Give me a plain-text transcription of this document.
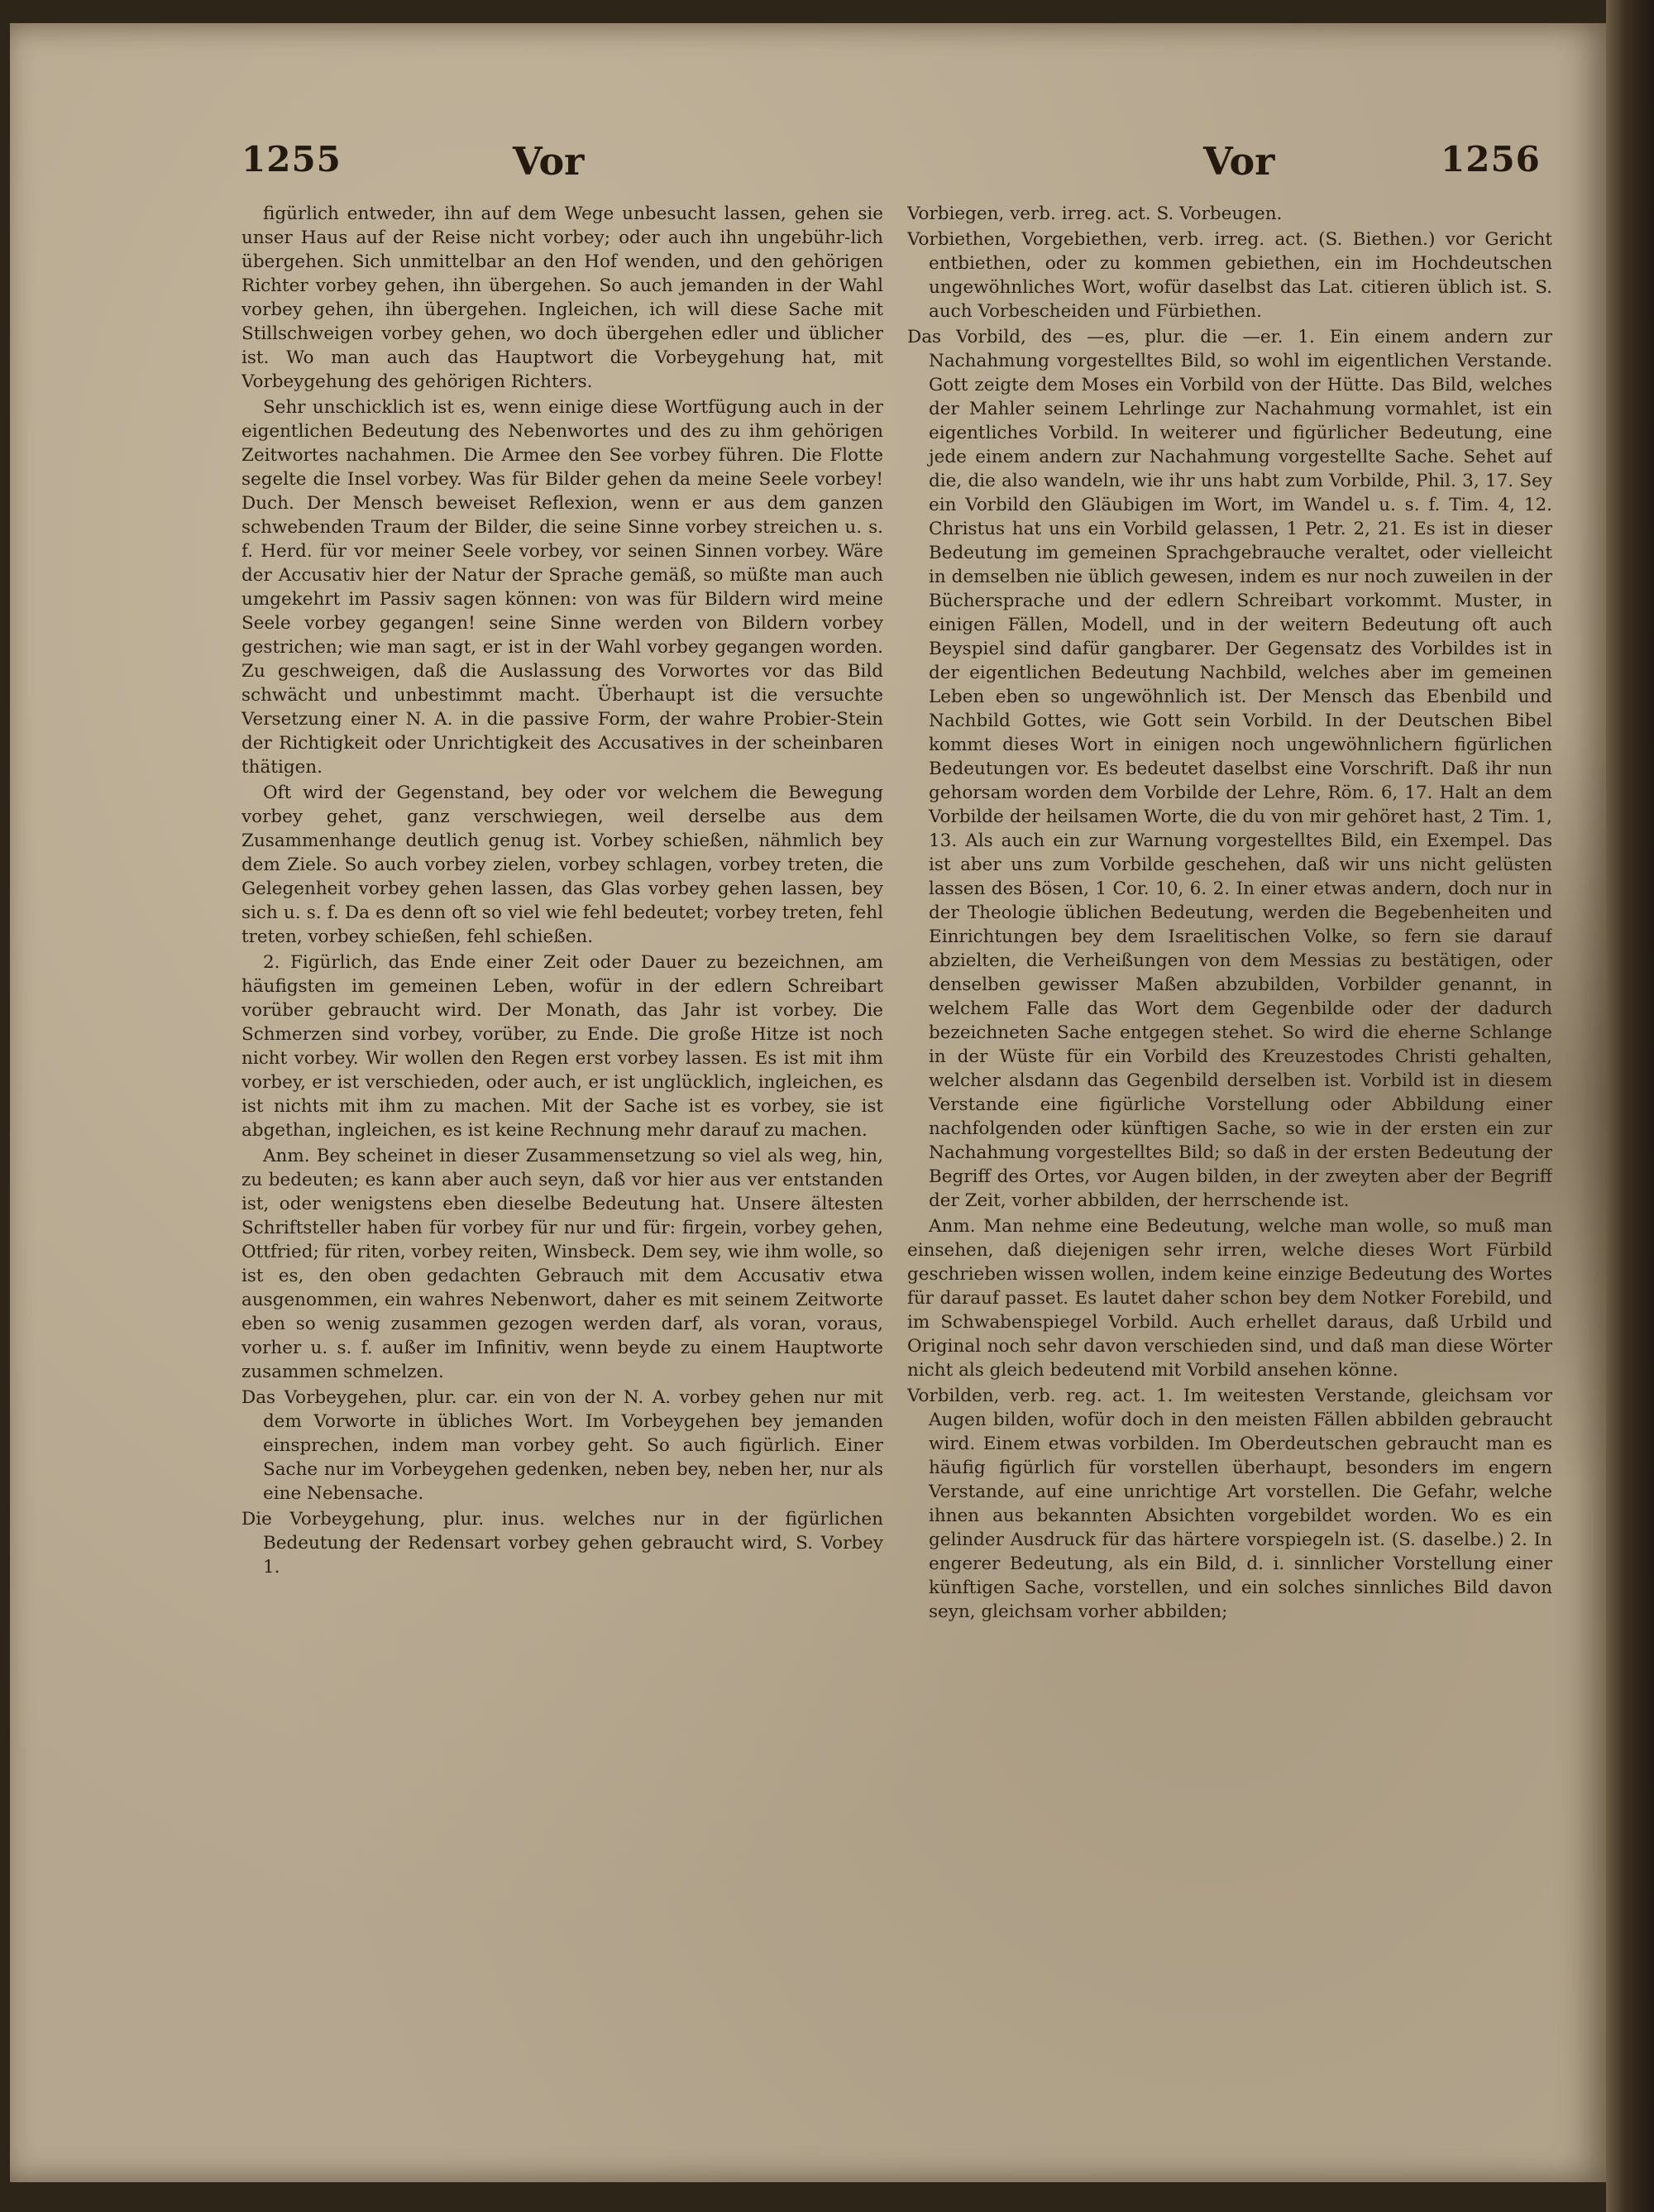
1255	Vor	Vor	1256

figürlich entweder, ihn auf dem Wege unbesucht lassen, gehen sie unser Haus auf der Reise nicht vorbey; oder auch ihn ungebühr-lich übergehen. Sich unmittelbar an den Hof wenden, und den gehörigen Richter vorbey gehen, ihn übergehen. So auch jemanden in der Wahl vorbey gehen, ihn übergehen. Ingleichen, ich will diese Sache mit Stillschweigen vorbey gehen, wo doch übergehen edler und üblicher ist. Wo man auch das Hauptwort die Vorbeygehung hat, mit Vorbeygehung des gehörigen Richters.

Sehr unschicklich ist es, wenn einige diese Wortfügung auch in der eigentlichen Bedeutung des Nebenwortes und des zu ihm gehörigen Zeitwortes nachahmen. Die Armee den See vorbey führen. Die Flotte segelte die Insel vorbey. Was für Bilder gehen da meine Seele vorbey! Duch. Der Mensch beweiset Reflexion, wenn er aus dem ganzen schwebenden Traum der Bilder, die seine Sinne vorbey streichen u. s. f. Herd. für vor meiner Seele vorbey, vor seinen Sinnen vorbey. Wäre der Accusativ hier der Natur der Sprache gemäß, so müßte man auch umgekehrt im Passiv sagen können: von was für Bildern wird meine Seele vorbey gegangen! seine Sinne werden von Bildern vorbey gestrichen; wie man sagt, er ist in der Wahl vorbey gegangen worden. Zu geschweigen, daß die Auslassung des Vorwortes vor das Bild schwächt und unbestimmt macht. Überhaupt ist die versuchte Versetzung einer N. A. in die passive Form, der wahre Probier-Stein der Richtigkeit oder Unrichtigkeit des Accusatives in der scheinbaren thätigen.

Oft wird der Gegenstand, bey oder vor welchem die Bewegung vorbey gehet, ganz verschwiegen, weil derselbe aus dem Zusammenhange deutlich genug ist. Vorbey schießen, nähmlich bey dem Ziele. So auch vorbey zielen, vorbey schlagen, vorbey treten, die Gelegenheit vorbey gehen lassen, das Glas vorbey gehen lassen, bey sich u. s. f. Da es denn oft so viel wie fehl bedeutet; vorbey treten, fehl treten, vorbey schießen, fehl schießen.

2. Figürlich, das Ende einer Zeit oder Dauer zu bezeichnen, am häufigsten im gemeinen Leben, wofür in der edlern Schreibart vorüber gebraucht wird. Der Monath, das Jahr ist vorbey. Die Schmerzen sind vorbey, vorüber, zu Ende. Die große Hitze ist noch nicht vorbey. Wir wollen den Regen erst vorbey lassen. Es ist mit ihm vorbey, er ist verschieden, oder auch, er ist unglücklich, ingleichen, es ist nichts mit ihm zu machen. Mit der Sache ist es vorbey, sie ist abgethan, ingleichen, es ist keine Rechnung mehr darauf zu machen.

Anm. Bey scheinet in dieser Zusammensetzung so viel als weg, hin, zu bedeuten; es kann aber auch seyn, daß vor hier aus ver entstanden ist, oder wenigstens eben dieselbe Bedeutung hat. Unsere ältesten Schriftsteller haben für vorbey für nur und für: firgein, vorbey gehen, Ottfried; für riten, vorbey reiten, Winsbeck. Dem sey, wie ihm wolle, so ist es, den oben gedachten Gebrauch mit dem Accusativ etwa ausgenommen, ein wahres Nebenwort, daher es mit seinem Zeitworte eben so wenig zusammen gezogen werden darf, als voran, voraus, vorher u. s. f. außer im Infinitiv, wenn beyde zu einem Hauptworte zusammen schmelzen.

Das Vorbeygehen, plur. car. ein von der N. A. vorbey gehen nur mit dem Vorworte in übliches Wort. Im Vorbeygehen bey jemanden einsprechen, indem man vorbey geht. So auch figürlich. Einer Sache nur im Vorbeygehen gedenken, neben bey, neben her, nur als eine Nebensache.

Die Vorbeygehung, plur. inus. welches nur in der figürlichen Bedeutung der Redensart vorbey gehen gebraucht wird, S. Vorbey 1.

Vorbiegen, verb. irreg. act. S. Vorbeugen.

Vorbiethen, Vorgebiethen, verb. irreg. act. (S. Biethen.) vor Gericht entbiethen, oder zu kommen gebiethen, ein im Hochdeutschen ungewöhnliches Wort, wofür daselbst das Lat. citieren üblich ist. S. auch Vorbescheiden und Fürbiethen.

Das Vorbild, des —es, plur. die —er. 1. Ein einem andern zur Nachahmung vorgestelltes Bild, so wohl im eigentlichen Verstande. Gott zeigte dem Moses ein Vorbild von der Hütte. Das Bild, welches der Mahler seinem Lehrlinge zur Nachahmung vormahlet, ist ein eigentliches Vorbild. In weiterer und figürlicher Bedeutung, eine jede einem andern zur Nachahmung vorgestellte Sache. Sehet auf die, die also wandeln, wie ihr uns habt zum Vorbilde, Phil. 3, 17. Sey ein Vorbild den Gläubigen im Wort, im Wandel u. s. f. Tim. 4, 12. Christus hat uns ein Vorbild gelassen, 1 Petr. 2, 21. Es ist in dieser Bedeutung im gemeinen Sprachgebrauche veraltet, oder vielleicht in demselben nie üblich gewesen, indem es nur noch zuweilen in der Büchersprache und der edlern Schreibart vorkommt. Muster, in einigen Fällen, Modell, und in der weitern Bedeutung oft auch Beyspiel sind dafür gangbarer. Der Gegensatz des Vorbildes ist in der eigentlichen Bedeutung Nachbild, welches aber im gemeinen Leben eben so ungewöhnlich ist. Der Mensch das Ebenbild und Nachbild Gottes, wie Gott sein Vorbild. In der Deutschen Bibel kommt dieses Wort in einigen noch ungewöhnlichern figürlichen Bedeutungen vor. Es bedeutet daselbst eine Vorschrift. Daß ihr nun gehorsam worden dem Vorbilde der Lehre, Röm. 6, 17. Halt an dem Vorbilde der heilsamen Worte, die du von mir gehöret hast, 2 Tim. 1, 13. Als auch ein zur Warnung vorgestelltes Bild, ein Exempel. Das ist aber uns zum Vorbilde geschehen, daß wir uns nicht gelüsten lassen des Bösen, 1 Cor. 10, 6. 2. In einer etwas andern, doch nur in der Theologie üblichen Bedeutung, werden die Begebenheiten und Einrichtungen bey dem Israelitischen Volke, so fern sie darauf abzielten, die Verheißungen von dem Messias zu bestätigen, oder denselben gewisser Maßen abzubilden, Vorbilder genannt, in welchem Falle das Wort dem Gegenbilde oder der dadurch bezeichneten Sache entgegen stehet. So wird die eherne Schlange in der Wüste für ein Vorbild des Kreuzestodes Christi gehalten, welcher alsdann das Gegenbild derselben ist. Vorbild ist in diesem Verstande eine figürliche Vorstellung oder Abbildung einer nachfolgenden oder künftigen Sache, so wie in der ersten ein zur Nachahmung vorgestelltes Bild; so daß in der ersten Bedeutung der Begriff des Ortes, vor Augen bilden, in der zweyten aber der Begriff der Zeit, vorher abbilden, der herrschende ist.

Anm. Man nehme eine Bedeutung, welche man wolle, so muß man einsehen, daß diejenigen sehr irren, welche dieses Wort Fürbild geschrieben wissen wollen, indem keine einzige Bedeutung des Wortes für darauf passet. Es lautet daher schon bey dem Notker Forebild, und im Schwabenspiegel Vorbild. Auch erhellet daraus, daß Urbild und Original noch sehr davon verschieden sind, und daß man diese Wörter nicht als gleich bedeutend mit Vorbild ansehen könne.

Vorbilden, verb. reg. act. 1. Im weitesten Verstande, gleichsam vor Augen bilden, wofür doch in den meisten Fällen abbilden gebraucht wird. Einem etwas vorbilden. Im Oberdeutschen gebraucht man es häufig figürlich für vorstellen überhaupt, besonders im engern Verstande, auf eine unrichtige Art vorstellen. Die Gefahr, welche ihnen aus bekannten Absichten vorgebildet worden. Wo es ein gelinder Ausdruck für das härtere vorspiegeln ist. (S. daselbe.) 2. In engerer Bedeutung, als ein Bild, d. i. sinnlicher Vorstellung einer künftigen Sache, vorstellen, und ein solches sinnliches Bild davon seyn, gleichsam vorher abbilden;
